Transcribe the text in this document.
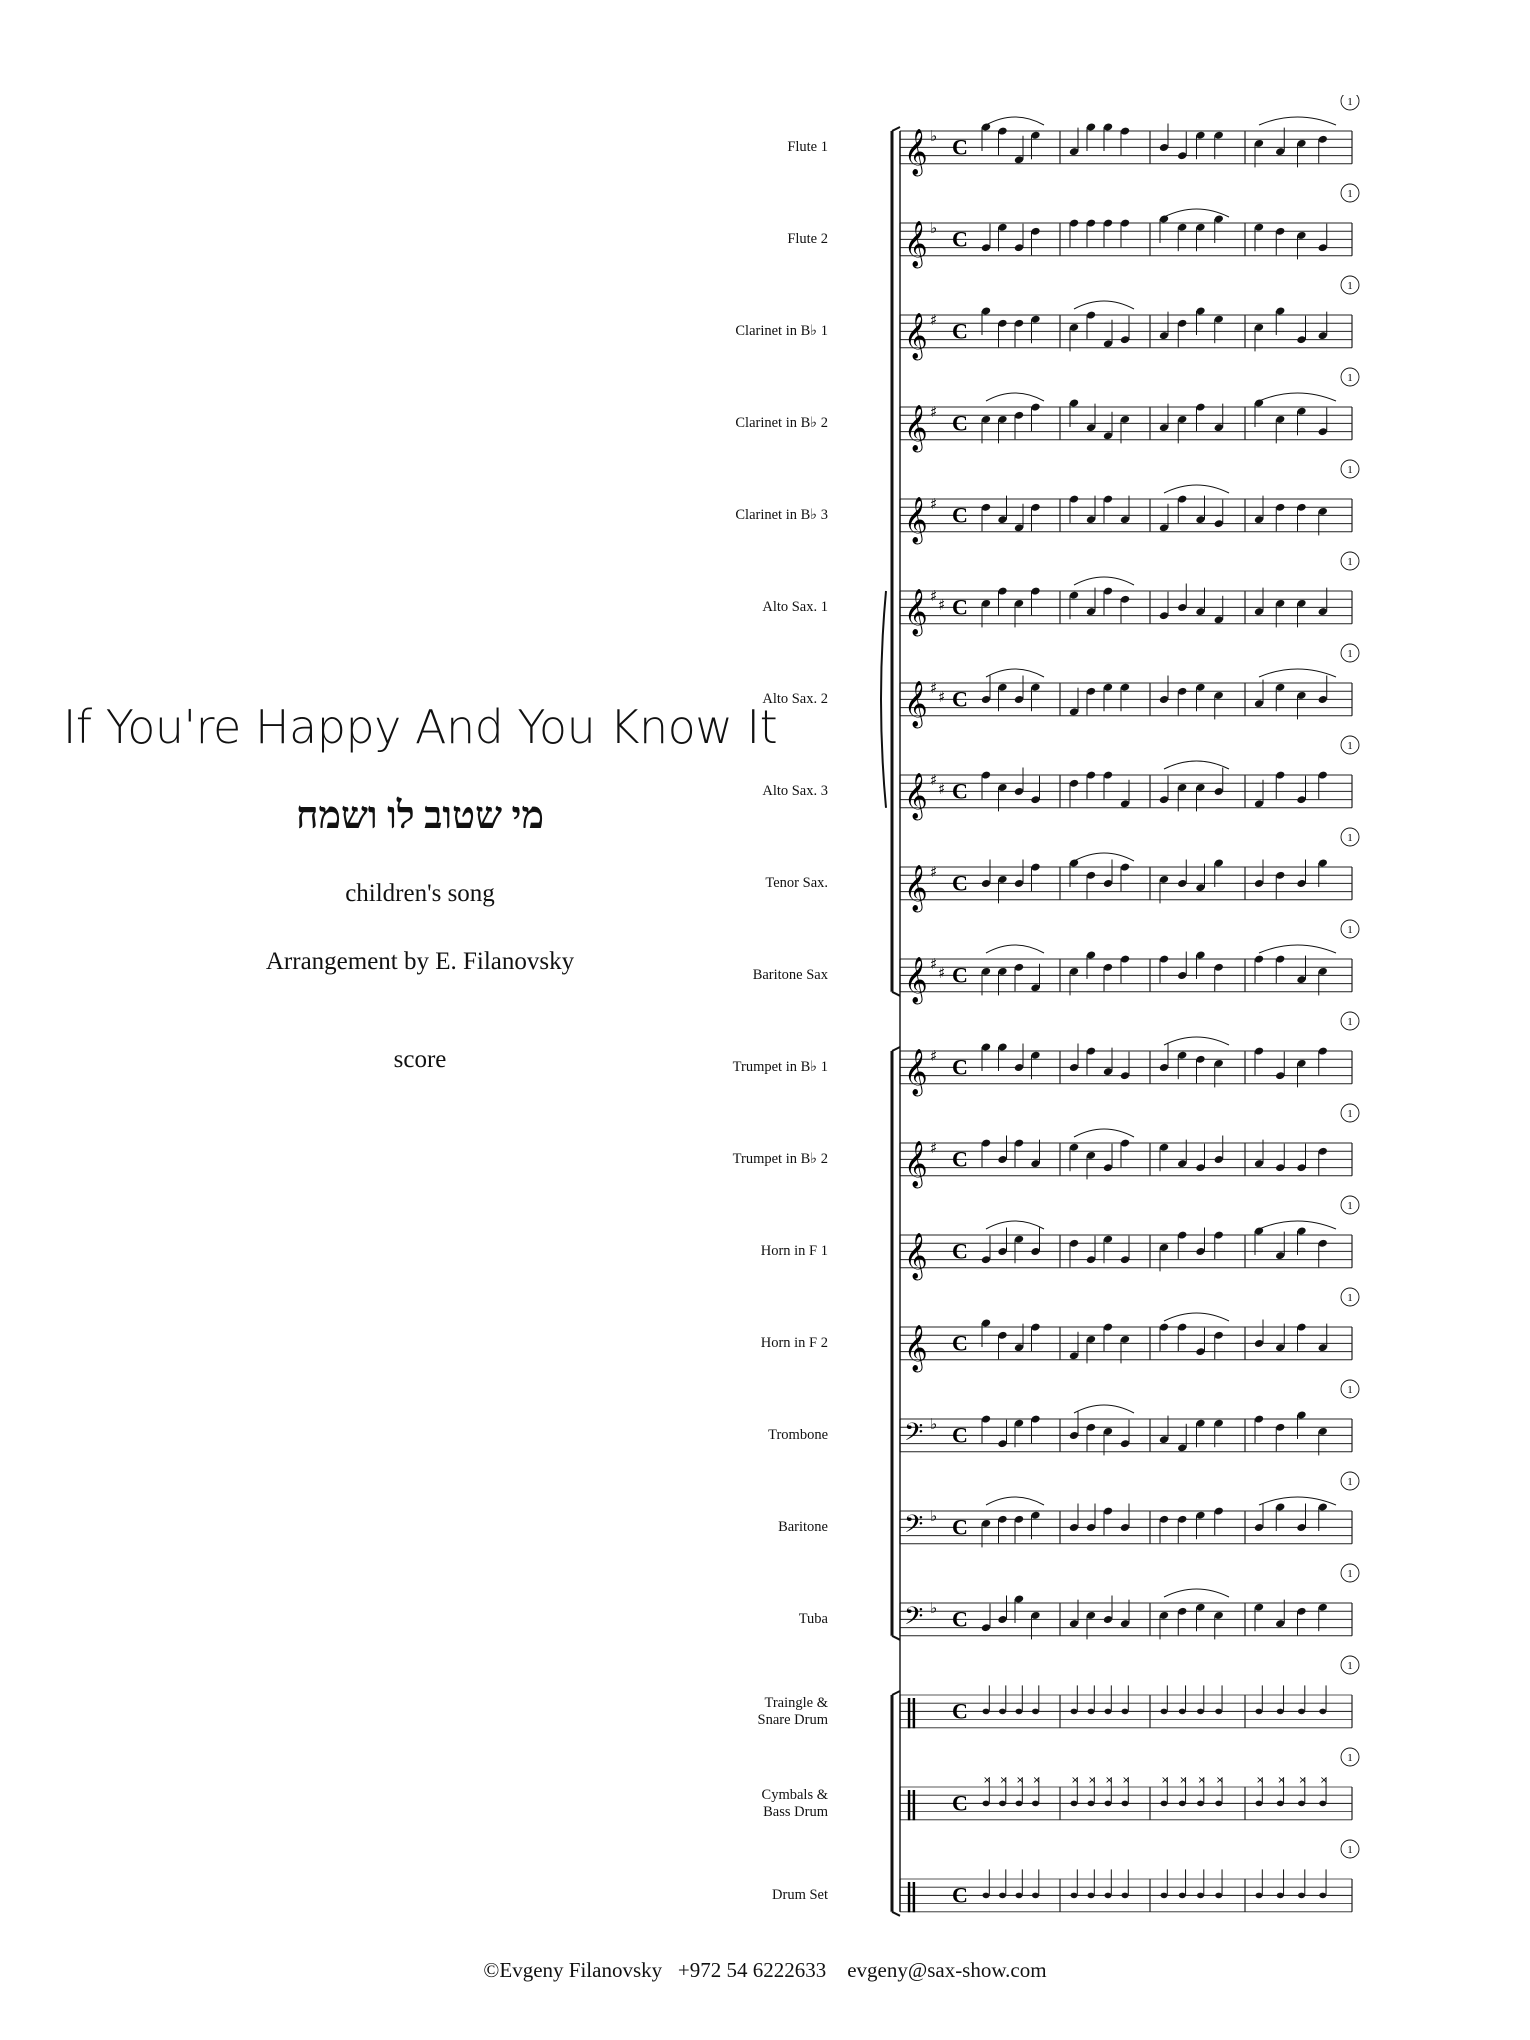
If You're Happy And You Know It
מי שטוב לו ושמח
children's song
Arrangement by E. Filanovsky
score
𝄞 C
♭
1
𝄞 C
♭
1
𝄞 C
♯
1
𝄞 C
♯
1
𝄞 C
♯
1
𝄞 C
♯ ♯
1
𝄞 C
♯ ♯
1
𝄞 C
♯ ♯
1
𝄞 C
♯
1
𝄞 C
♯ ♯
1
𝄞 C
♯
1
𝄞 C
♯
1
𝄞 C
1
𝄞 C
1
𝄢 C
♭
1
𝄢 C
♭
1
𝄢 C
♭
1
‖ C
1
‖ C
× × × ×	× × × ×	× × × ×	× × × ×
1
‖ C
1
Flute 1
Flute 2
Clarinet in B♭ 1
Clarinet in B♭ 2
Clarinet in B♭ 3
Alto Sax. 1
Alto Sax. 2
Alto Sax. 3
Tenor Sax.
Baritone Sax
Trumpet in B♭ 1
Trumpet in B♭ 2
Horn in F 1
Horn in F 2
Trombone
Baritone
Tuba
Traingle &
Snare Drum
Cymbals &
Bass Drum
Drum Set
©Evgeny Filanovsky +972 54 6222633 evgeny@sax-show.com
